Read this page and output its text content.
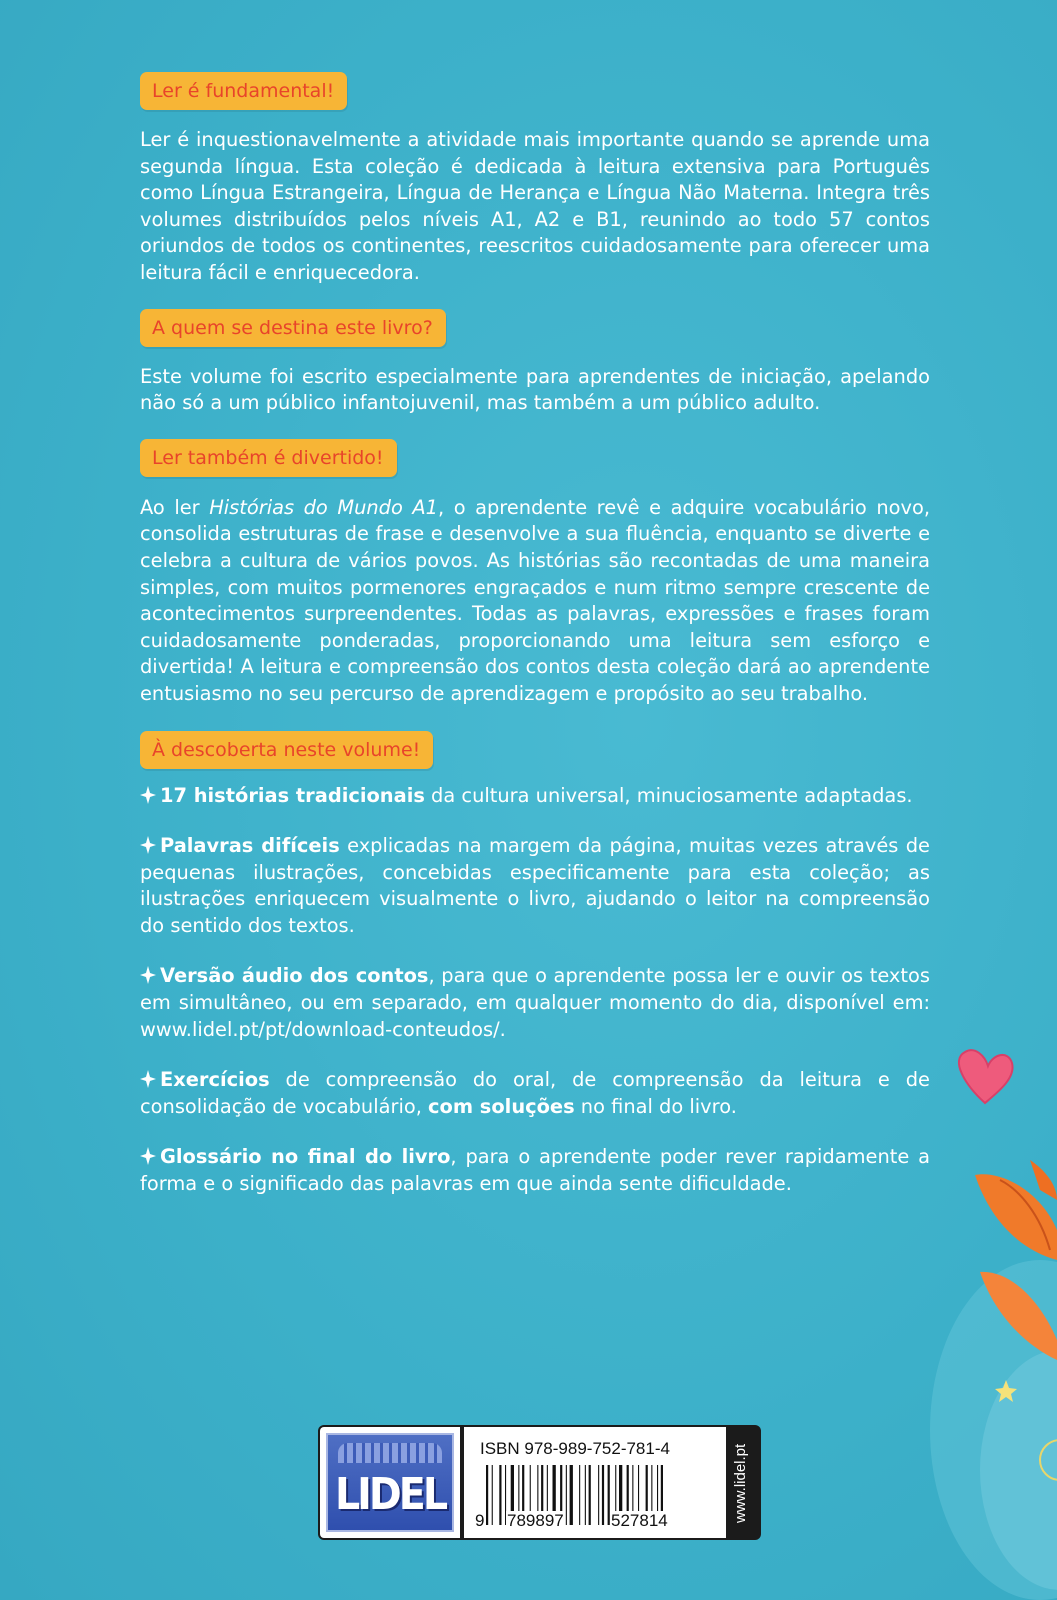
Ler é fundamental!

Ler é inquestionavelmente a atividade mais importante quando se aprende uma segunda língua. Esta coleção é dedicada à leitura extensiva para Português como Língua Estrangeira, Língua de Herança e Língua Não Materna. Integra três volumes distribuídos pelos níveis A1, A2 e B1, reunindo ao todo 57 contos oriundos de todos os continentes, reescritos cuidadosamente para oferecer uma leitura fácil e enriquecedora.

A quem se destina este livro?

Este volume foi escrito especialmente para aprendentes de iniciação, apelando não só a um público infantojuvenil, mas também a um público adulto.

Ler também é divertido!

Ao ler Histórias do Mundo A1, o aprendente revê e adquire vocabulário novo, consolida estruturas de frase e desenvolve a sua fluência, enquanto se diverte e celebra a cultura de vários povos. As histórias são recontadas de uma maneira simples, com muitos pormenores engraçados e num ritmo sempre crescente de acontecimentos surpreendentes. Todas as palavras, expressões e frases foram cuidadosamente ponderadas, proporcionando uma leitura sem esforço e divertida! A leitura e compreensão dos contos desta coleção dará ao aprendente entusiasmo no seu percurso de aprendizagem e propósito ao seu trabalho.

À descoberta neste volume!

17 histórias tradicionais da cultura universal, minuciosamente adaptadas.

Palavras difíceis explicadas na margem da página, muitas vezes através de pequenas ilustrações, concebidas especificamente para esta coleção; as ilustrações enriquecem visualmente o livro, ajudando o leitor na compreensão do sentido dos textos.

Versão áudio dos contos, para que o aprendente possa ler e ouvir os textos em simultâneo, ou em separado, em qualquer momento do dia, disponível em: www.lidel.pt/pt/download-conteudos/.

Exercícios de compreensão do oral, de compreensão da leitura e de consolidação de vocabulário, com soluções no final do livro.

Glossário no final do livro, para o aprendente poder rever rapidamente a forma e o significado das palavras em que ainda sente dificuldade.

LIDEL
ISBN 978-989-752-781-4
9 789897	527814	www.lidel.pt
